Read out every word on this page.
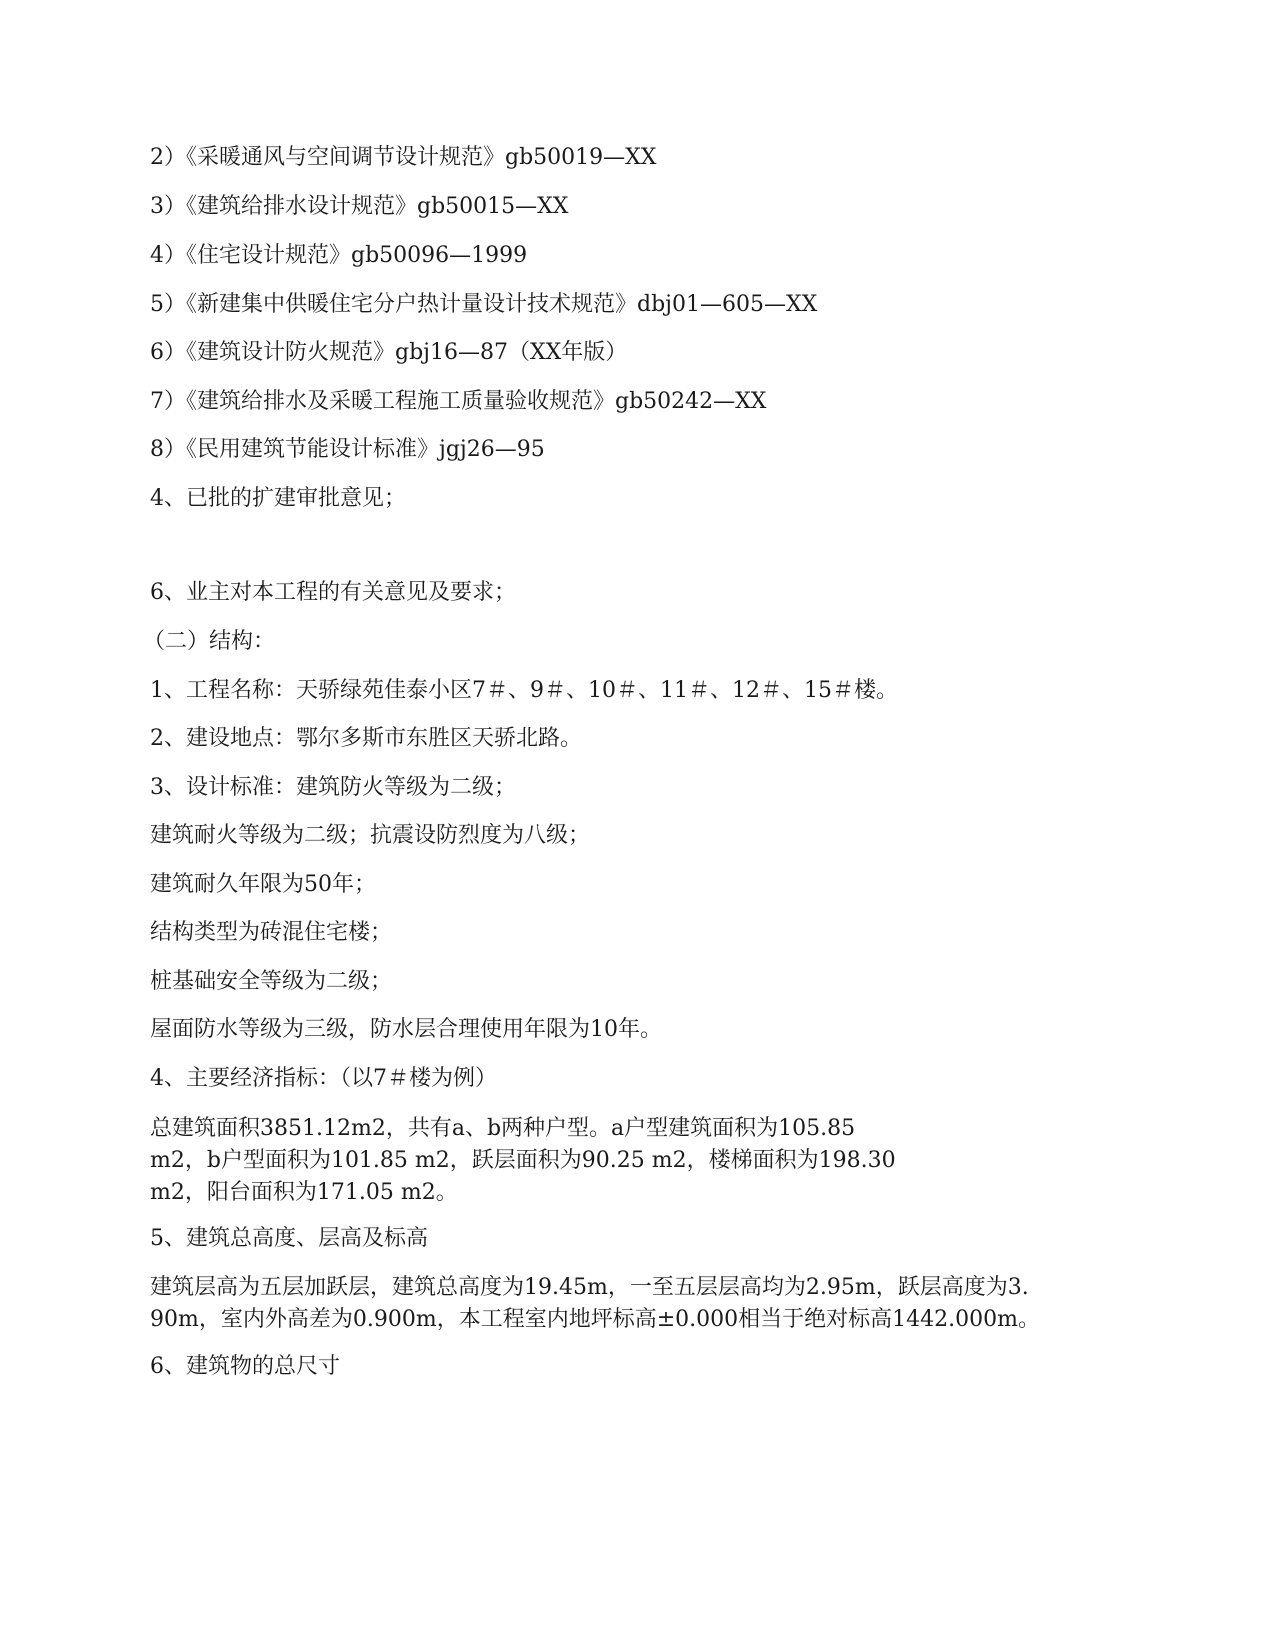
2）《采暖通风与空间调节设计规范》gb50019—XX
3）《建筑给排水设计规范》gb50015—XX
4）《住宅设计规范》gb50096—1999
5）《新建集中供暖住宅分户热计量设计技术规范》dbj01—605—XX
6）《建筑设计防火规范》gbj16—87（XX年版）
7）《建筑给排水及采暖工程施工质量验收规范》gb50242—XX
8）《民用建筑节能设计标准》jgj26—95
4、已批的扩建审批意见；
6、业主对本工程的有关意见及要求；
（二）结构：
1、工程名称：天骄绿苑佳泰小区7＃、9＃、10＃、11＃、12＃、15＃楼。
2、建设地点：鄂尔多斯市东胜区天骄北路。
3、设计标准：建筑防火等级为二级；
建筑耐火等级为二级；抗震设防烈度为八级；
建筑耐久年限为50年；
结构类型为砖混住宅楼；
桩基础安全等级为二级；
屋面防水等级为三级，防水层合理使用年限为10年。
4、主要经济指标：（以7＃楼为例）
总建筑面积3851.12m2，共有a、b两种户型。a户型建筑面积为105.85
m2，b户型面积为101.85 m2，跃层面积为90.25 m2，楼梯面积为198.30
m2，阳台面积为171.05 m2。
5、建筑总高度、层高及标高
建筑层高为五层加跃层，建筑总高度为19.45m，一至五层层高均为2.95m，跃层高度为3.
90m，室内外高差为0.900m，本工程室内地坪标高±0.000相当于绝对标高1442.000m。
6、建筑物的总尺寸
